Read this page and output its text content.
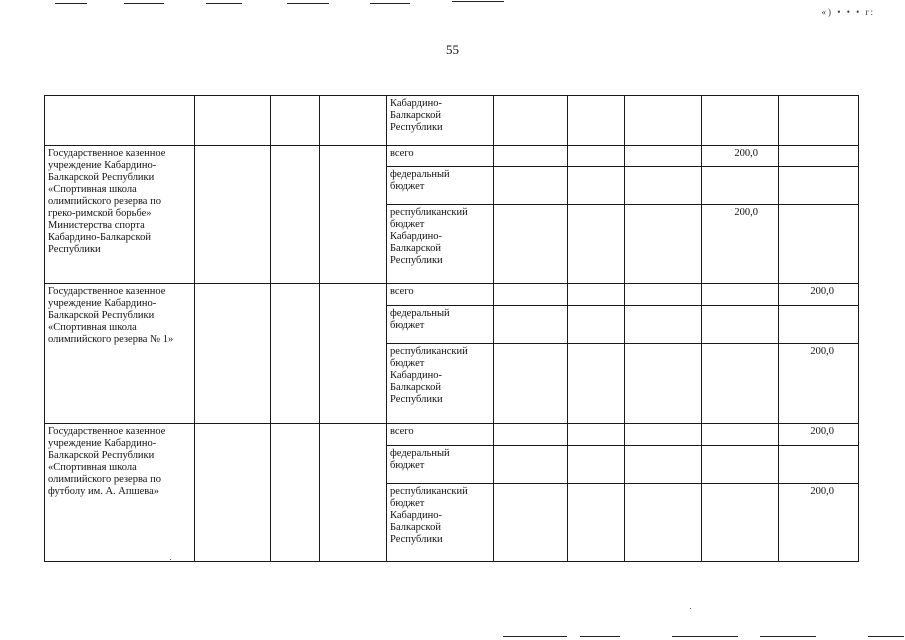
«) • • • r:
55
				Кабардино-
Балкарской
Республики					
Государственное казенное учреждение Кабардино-Балкарской Республики «Спортивная школа олимпийского резерва по греко-римской борьбе» Министерства спорта Кабардино-Балкарской Республики				всего				200,0	
				федеральный
бюджет					
				республиканский
бюджет
Кабардино-
Балкарской
Республики				200,0	
Государственное казенное учреждение Кабардино-Балкарской Республики «Спортивная школа олимпийского резерва № 1»				всего					200,0
				федеральный
бюджет					
				республиканский
бюджет
Кабардино-
Балкарской
Республики					200,0
Государственное казенное учреждение Кабардино-Балкарской Республики «Спортивная школа олимпийского резерва по футболу им. А. Апшева»				всего					200,0
				федеральный
бюджет					
				республиканский
бюджет
Кабардино-
Балкарской
Республики					200,0
